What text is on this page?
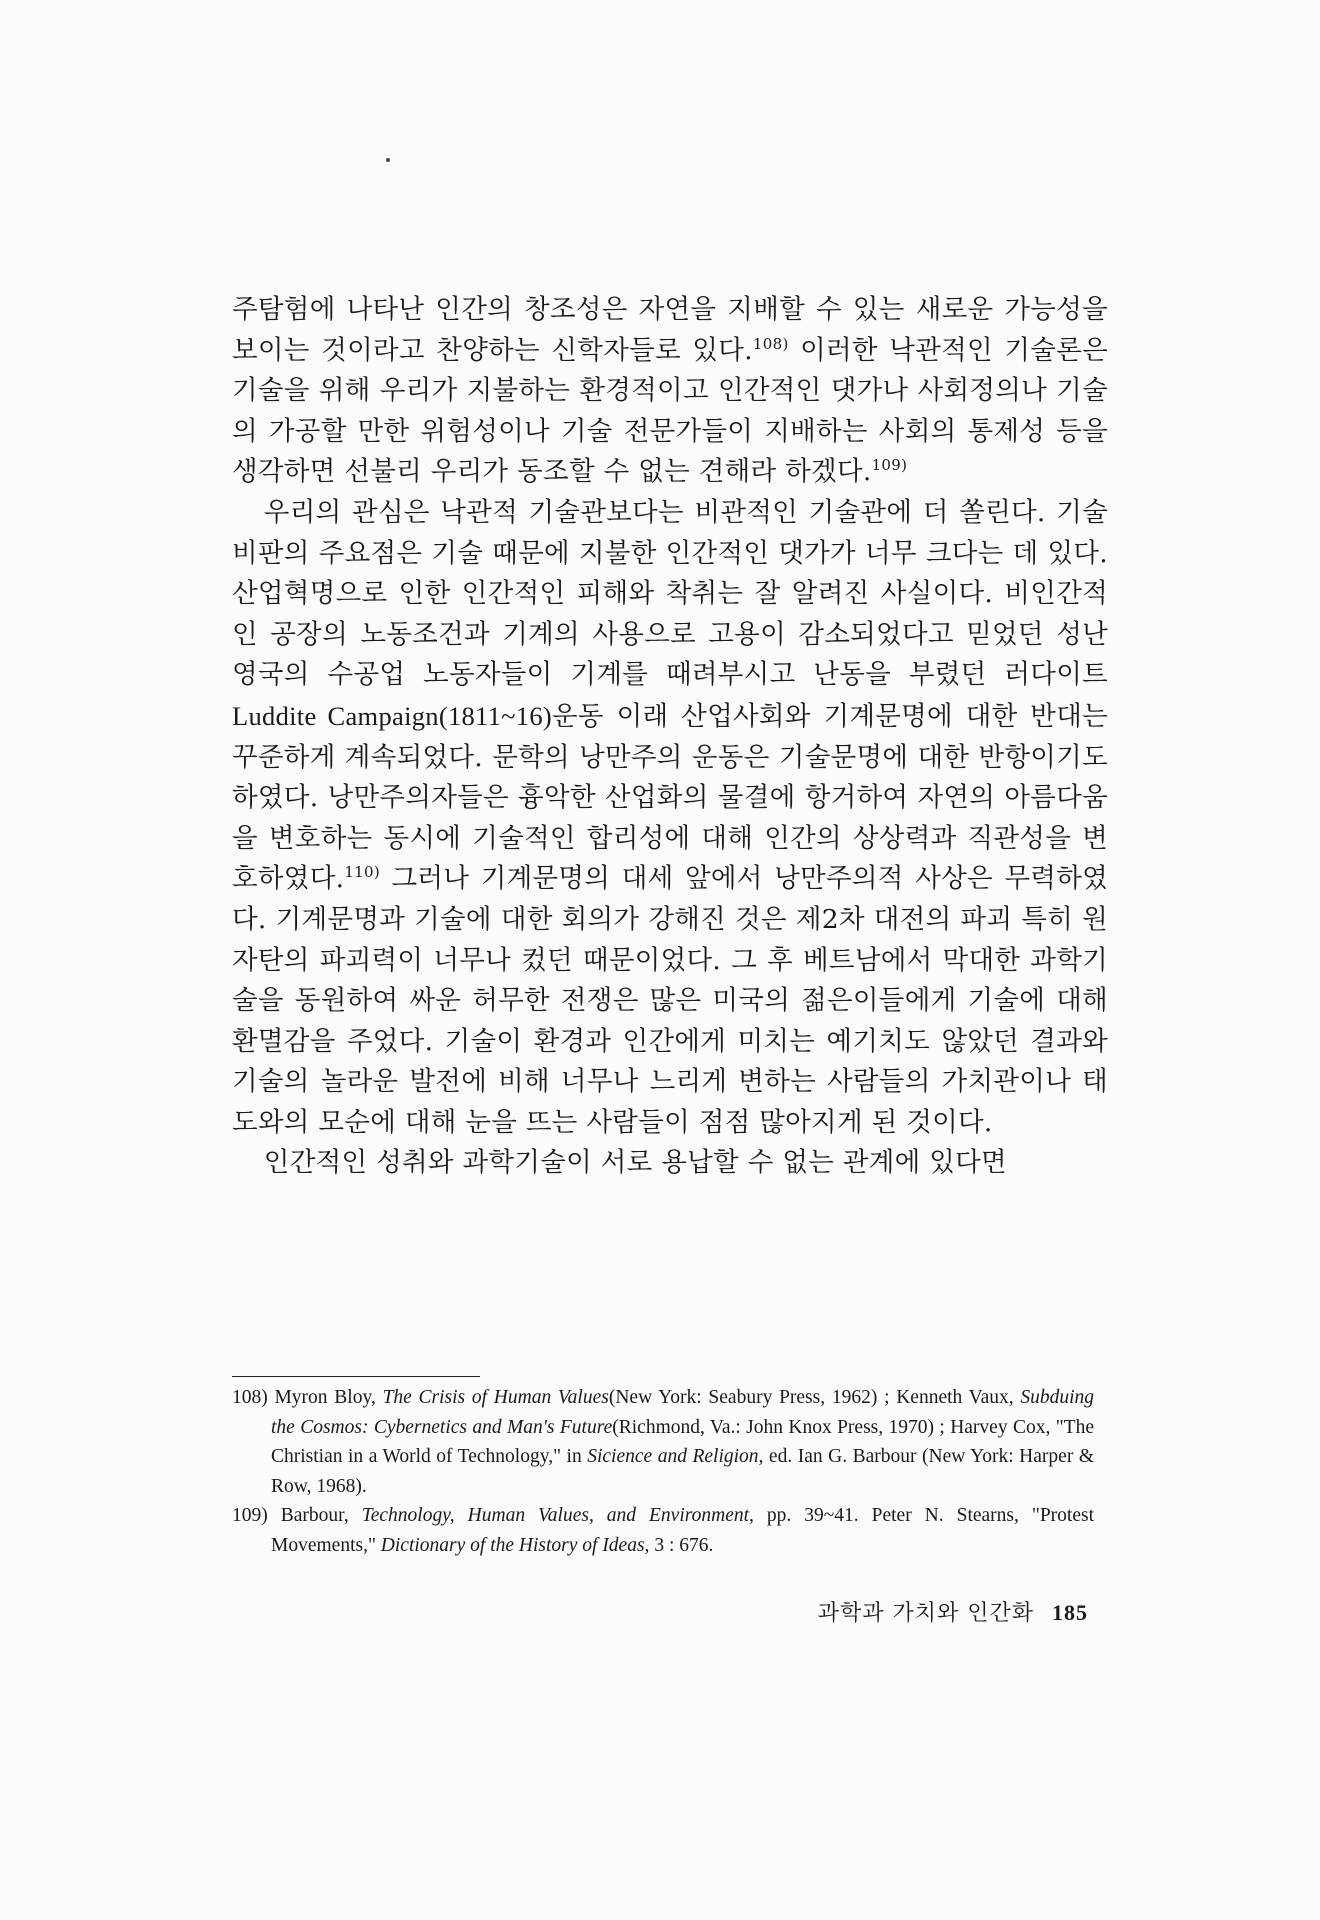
주탐험에 나타난 인간의 창조성은 자연을 지배할 수 있는 새로운 가능성을 보이는 것이라고 찬양하는 신학자들로 있다.$^{108)}$ 이러한 낙관적인 기술론은 기술을 위해 우리가 지불하는 환경적이고 인간적인 댓가나 사회정의나 기술의 가공할 만한 위험성이나 기술 전문가들이 지배하는 사회의 통제성 등을 생각하면 선불리 우리가 동조할 수 없는 견해라 하겠다.$^{109)}$

우리의 관심은 낙관적 기술관보다는 비관적인 기술관에 더 쏠린다. 기술 비판의 주요점은 기술 때문에 지불한 인간적인 댓가가 너무 크다는 데 있다. 산업혁명으로 인한 인간적인 피해와 착취는 잘 알려진 사실이다. 비인간적인 공장의 노동조건과 기계의 사용으로 고용이 감소되었다고 믿었던 성난 영국의 수공업 노동자들이 기계를 때려부시고 난동을 부렸던 러다이트Luddite Campaign(1811~16)운동 이래 산업사회와 기계문명에 대한 반대는 꾸준하게 계속되었다. 문학의 낭만주의 운동은 기술문명에 대한 반항이기도 하였다. 낭만주의자들은 흉악한 산업화의 물결에 항거하여 자연의 아름다움을 변호하는 동시에 기술적인 합리성에 대해 인간의 상상력과 직관성을 변호하였다.$^{110)}$ 그러나 기계문명의 대세 앞에서 낭만주의적 사상은 무력하였다. 기계문명과 기술에 대한 회의가 강해진 것은 제2차 대전의 파괴 특히 원자탄의 파괴력이 너무나 컸던 때문이었다. 그 후 베트남에서 막대한 과학기술을 동원하여 싸운 허무한 전쟁은 많은 미국의 젊은이들에게 기술에 대해 환멸감을 주었다. 기술이 환경과 인간에게 미치는 예기치도 않았던 결과와 기술의 놀라운 발전에 비해 너무나 느리게 변하는 사람들의 가치관이나 태도와의 모순에 대해 눈을 뜨는 사람들이 점점 많아지게 된 것이다.

인간적인 성취와 과학기술이 서로 용납할 수 없는 관계에 있다면

108) Myron Bloy, The Crisis of Human Values(New York: Seabury Press, 1962) ; Kenneth Vaux, Subduing the Cosmos: Cybernetics and Man's Future(Richmond, Va.: John Knox Press, 1970) ; Harvey Cox, "The Christian in a World of Technology," in Sicience and Religion, ed. Ian G. Barbour (New York: Harper & Row, 1968).

109) Barbour, Technology, Human Values, and Environment, pp. 39~41. Peter N. Stearns, "Protest Movements," Dictionary of the History of Ideas, 3 : 676.

과학과 가치와 인간화 185
